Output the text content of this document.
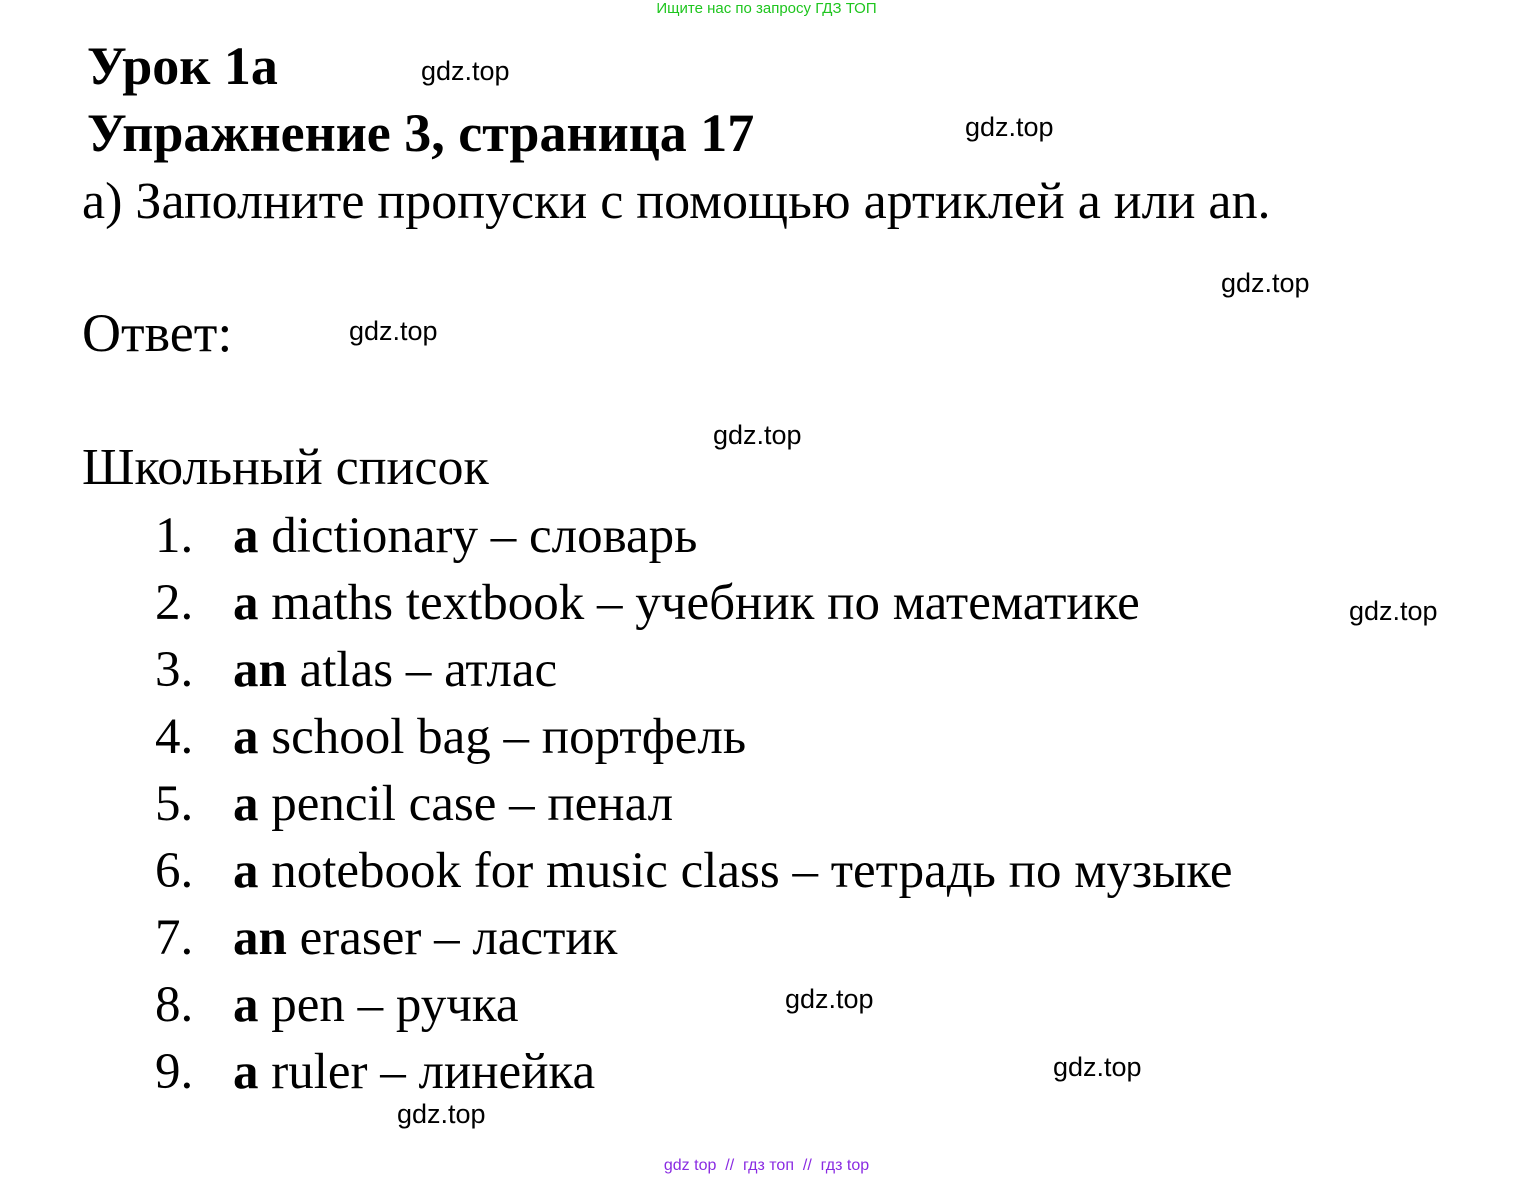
Ищите нас по запросу ГДЗ ТОП
Урок 1a
Упражнение 3, страница 17
a) Заполните пропуски с помощью артиклей a или an.
Ответ:
Школьный список
1. a dictionary – словарь
2. a maths textbook – учебник по математике
3. an atlas – атлас
4. a school bag – портфель
5. a pencil case – пенал
6. a notebook for music class – тетрадь по музыке
7. an eraser – ластик
8. a pen – ручка
9. a ruler – линейка
gdz.top
gdz.top
gdz.top
gdz.top
gdz.top
gdz.top
gdz.top
gdz.top
gdz.top
gdz top  //  гдз топ  //  гдз top
